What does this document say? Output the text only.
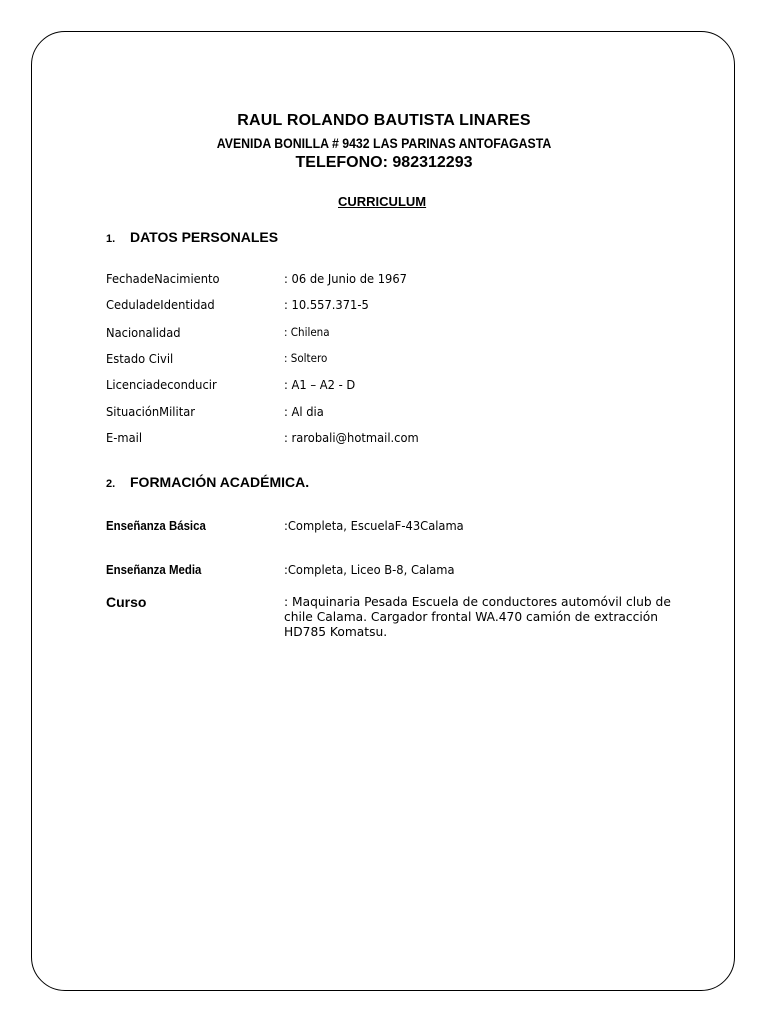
RAUL ROLANDO BAUTISTA LINARES
AVENIDA BONILLA # 9432 LAS PARINAS ANTOFAGASTA
TELEFONO: 982312293
CURRICULUM
1. DATOS PERSONALES
FechadeNacimiento	: 06 de Junio de 1967
CeduladeIdentidad	: 10.557.371-5
Nacionalidad	: Chilena
Estado Civil	: Soltero
Licenciadeconducir	: A1 – A2 - D
SituaciónMilitar	: Al dia
E-mail	: rarobali@hotmail.com
2. FORMACIÓN ACADÉMICA.
Enseñanza Básica	:Completa, EscuelaF-43Calama
Enseñanza Media	:Completa, Liceo B-8, Calama
Curso	: Maquinaria Pesada Escuela de conductores automóvil club de chile Calama. Cargador frontal WA.470 camión de extracción HD785 Komatsu.
